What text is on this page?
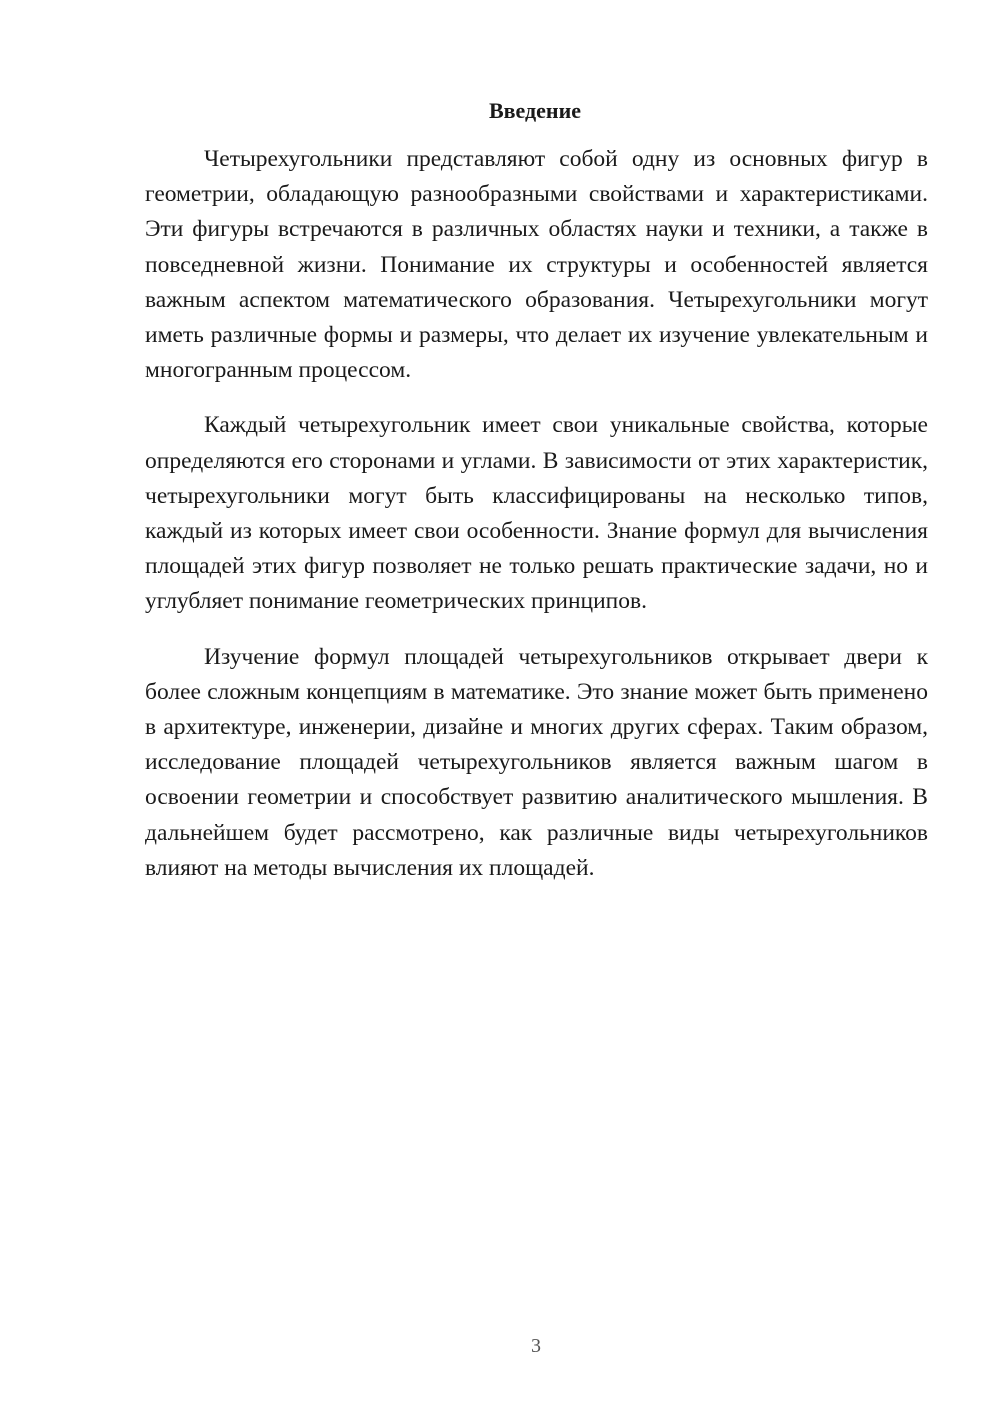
Введение

Четырехугольники представляют собой одну из основных фигур в геометрии, обладающую разнообразными свойствами и характеристиками. Эти фигуры встречаются в различных областях науки и техники, а также в повседневной жизни. Понимание их структуры и особенностей является важным аспектом математического образования. Четырехугольники могут иметь различные формы и размеры, что делает их изучение увлекательным и многогранным процессом.

Каждый четырехугольник имеет свои уникальные свойства, которые определяются его сторонами и углами. В зависимости от этих характеристик, четырехугольники могут быть классифицированы на несколько типов, каждый из которых имеет свои особенности. Знание формул для вычисления площадей этих фигур позволяет не только решать практические задачи, но и углубляет понимание геометрических принципов.

Изучение формул площадей четырехугольников открывает двери к более сложным концепциям в математике. Это знание может быть применено в архитектуре, инженерии, дизайне и многих других сферах. Таким образом, исследование площадей четырехугольников является важным шагом в освоении геометрии и способствует развитию аналитического мышления. В дальнейшем будет рассмотрено, как различные виды четырехугольников влияют на методы вычисления их площадей.

3
